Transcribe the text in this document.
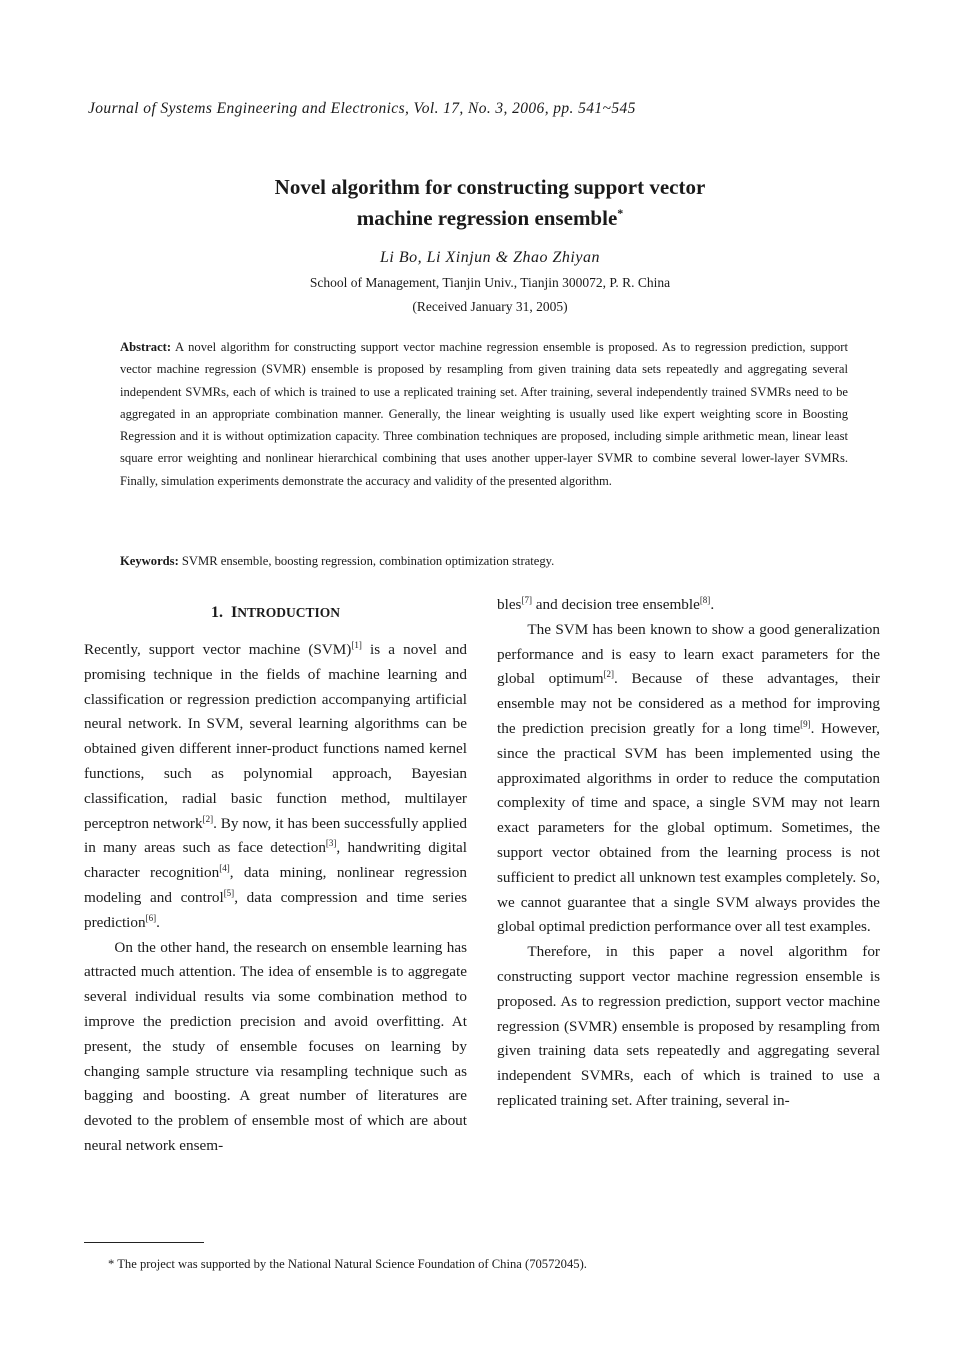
Journal of Systems Engineering and Electronics, Vol. 17, No. 3, 2006, pp. 541~545
Novel algorithm for constructing support vector
machine regression ensemble*
Li Bo, Li Xinjun & Zhao Zhiyan
School of Management, Tianjin Univ., Tianjin 300072, P. R. China
(Received January 31, 2005)
Abstract: A novel algorithm for constructing support vector machine regression ensemble is proposed. As to regression prediction, support vector machine regression (SVMR) ensemble is proposed by resampling from given training data sets repeatedly and aggregating several independent SVMRs, each of which is trained to use a replicated training set. After training, several independently trained SVMRs need to be aggregated in an appropriate combination manner. Generally, the linear weighting is usually used like expert weighting score in Boosting Regression and it is without optimization capacity. Three combination techniques are proposed, including simple arithmetic mean, linear least square error weighting and nonlinear hierarchical combining that uses another upper-layer SVMR to combine several lower-layer SVMRs. Finally, simulation experiments demonstrate the accuracy and validity of the presented algorithm.
Keywords: SVMR ensemble, boosting regression, combination optimization strategy.
1. INTRODUCTION

Recently, support vector machine (SVM)[1] is a novel and promising technique in the fields of machine learning and classification or regression prediction accompanying artificial neural network. In SVM, several learning algorithms can be obtained given different inner-product functions named kernel functions, such as polynomial approach, Bayesian classification, radial basic function method, multilayer perceptron network[2]. By now, it has been successfully applied in many areas such as face detection[3], handwriting digital character recognition[4], data mining, nonlinear regression modeling and control[5], data compression and time series prediction[6].

On the other hand, the research on ensemble learning has attracted much attention. The idea of ensemble is to aggregate several individual results via some combination method to improve the prediction precision and avoid overfitting. At present, the study of ensemble focuses on learning by changing sample structure via resampling technique such as bagging and boosting. A great number of literatures are devoted to the problem of ensemble most of which are about neural network ensem-

bles[7] and decision tree ensemble[8].

The SVM has been known to show a good generalization performance and is easy to learn exact parameters for the global optimum[2]. Because of these advantages, their ensemble may not be considered as a method for improving the prediction precision greatly for a long time[9]. However, since the practical SVM has been implemented using the approximated algorithms in order to reduce the computation complexity of time and space, a single SVM may not learn exact parameters for the global optimum. Sometimes, the support vector obtained from the learning process is not sufficient to predict all unknown test examples completely. So, we cannot guarantee that a single SVM always provides the global optimal prediction performance over all test examples.

Therefore, in this paper a novel algorithm for constructing support vector machine regression ensemble is proposed. As to regression prediction, support vector machine regression (SVMR) ensemble is proposed by resampling from given training data sets repeatedly and aggregating several independent SVMRs, each of which is trained to use a replicated training set. After training, several in-

* The project was supported by the National Natural Science Foundation of China (70572045).
